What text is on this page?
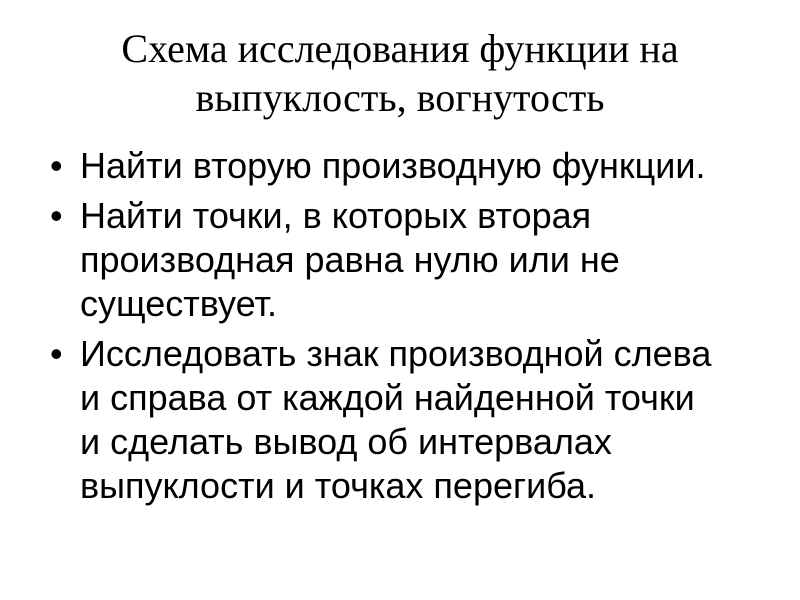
Схема исследования функции на выпуклость, вогнутость
• Найти вторую производную функции.
• Найти точки, в которых вторая производная равна нулю или не существует.
• Исследовать знак производной слева и справа от каждой найденной точки и сделать вывод об интервалах выпуклости и точках перегиба.
